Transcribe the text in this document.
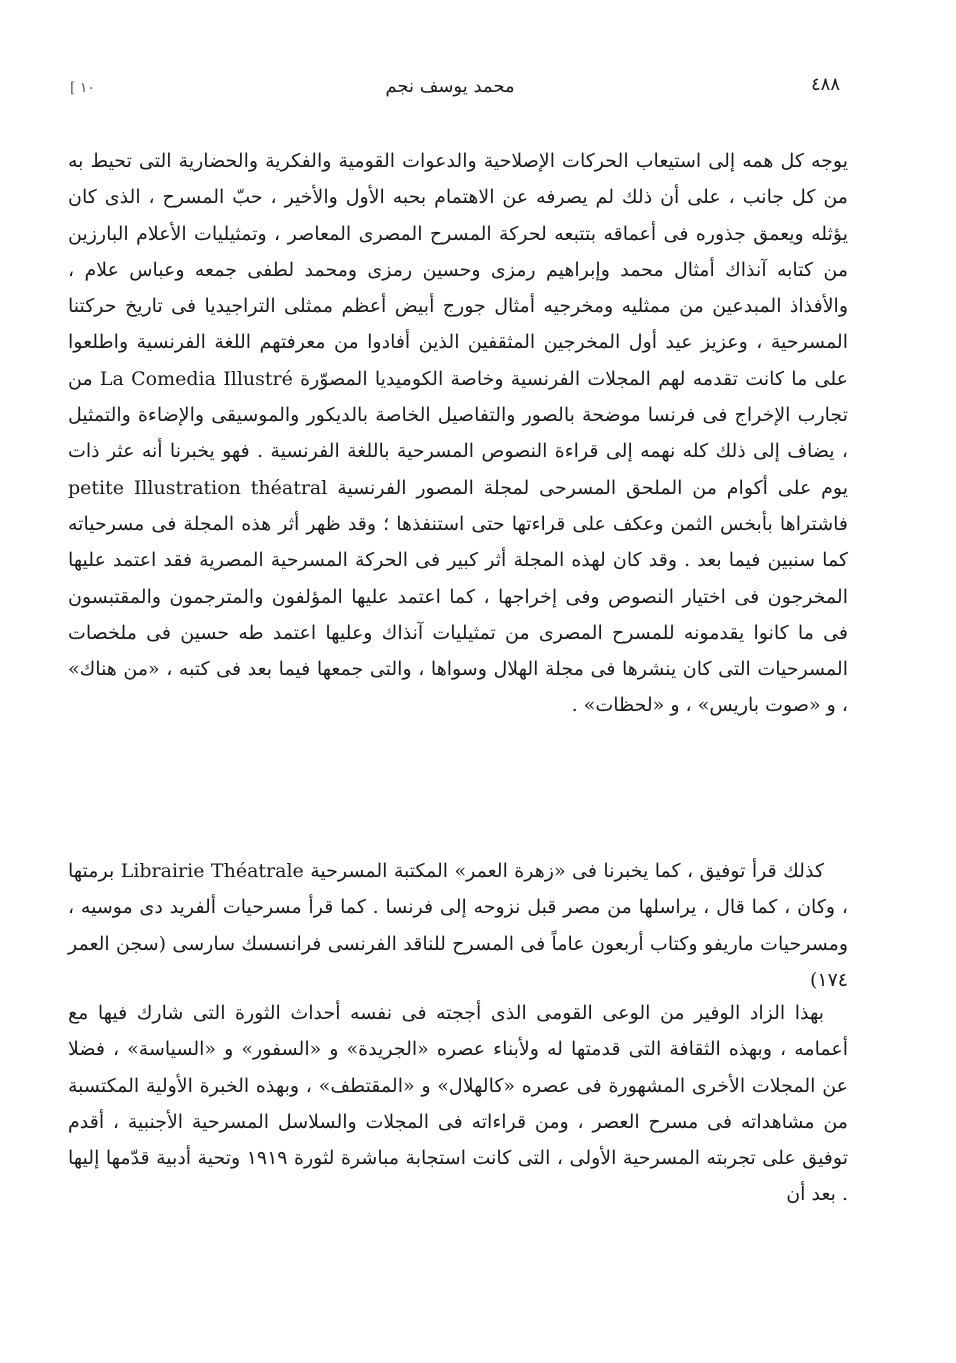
[ ١٠	محمد يوسف نجم	٤٨٨

يوجه كل همه إلى استيعاب الحركات الإصلاحية والدعوات القومية والفكرية والحضارية التى تحيط به من كل جانب ، على أن ذلك لم يصرفه عن الاهتمام بحبه الأول والأخير ، حبّ المسرح ، الذى كان يؤثله ويعمق جذوره فى أعماقه بتتبعه لحركة المسرح المصرى المعاصر ، وتمثيليات الأعلام البارزين من كتابه آنذاك أمثال محمد وإبراهيم رمزى وحسين رمزى ومحمد لطفى جمعه وعباس علام ، والأفذاذ المبدعين من ممثليه ومخرجيه أمثال جورج أبيض أعظم ممثلى التراجيديا فى تاريخ حركتنا المسرحية ، وعزيز عيد أول المخرجين المثقفين الذين أفادوا من معرفتهم اللغة الفرنسية واطلعوا على ما كانت تقدمه لهم المجلات الفرنسية وخاصة الكوميديا المصوّرة La Comedia Illustré من تجارب الإخراج فى فرنسا موضحة بالصور والتفاصيل الخاصة بالديكور والموسيقى والإضاءة والتمثيل ، يضاف إلى ذلك كله نهمه إلى قراءة النصوص المسرحية باللغة الفرنسية . فهو يخبرنا أنه عثر ذات يوم على أكوام من الملحق المسرحى لمجلة المصور الفرنسية petite Illustration théatral فاشتراها بأبخس الثمن وعكف على قراءتها حتى استنفذها ؛ وقد ظهر أثر هذه المجلة فى مسرحياته كما سنبين فيما بعد . وقد كان لهذه المجلة أثر كبير فى الحركة المسرحية المصرية فقد اعتمد عليها المخرجون فى اختيار النصوص وفى إخراجها ، كما اعتمد عليها المؤلفون والمترجمون والمقتبسون فى ما كانوا يقدمونه للمسرح المصرى من تمثيليات آنذاك وعليها اعتمد طه حسين فى ملخصات المسرحيات التى كان ينشرها فى مجلة الهلال وسواها ، والتى جمعها فيما بعد فى كتبه ، «من هناك» ، و «صوت باريس» ، و «لحظات» .

كذلك قرأ توفيق ، كما يخبرنا فى «زهرة العمر» المكتبة المسرحية Librairie Théatrale برمتها ، وكان ، كما قال ، يراسلها من مصر قبل نزوحه إلى فرنسا . كما قرأ مسرحيات ألفريد دى موسيه ، ومسرحيات ماريفو وكتاب أربعون عاماً فى المسرح للناقد الفرنسى فرانسسك سارسى (سجن العمر ١٧٤)

بهذا الزاد الوفير من الوعى القومى الذى أججته فى نفسه أحداث الثورة التى شارك فيها مع أعمامه ، وبهذه الثقافة التى قدمتها له ولأبناء عصره «الجريدة» و «السفور» و «السياسة» ، فضلا عن المجلات الأخرى المشهورة فى عصره «كالهلال» و «المقتطف» ، وبهذه الخبرة الأولية المكتسبة من مشاهداته فى مسرح العصر ، ومن قراءاته فى المجلات والسلاسل المسرحية الأجنبية ، أقدم توفيق على تجربته المسرحية الأولى ، التى كانت استجابة مباشرة لثورة ١٩١٩ وتحية أدبية قدّمها إليها . بعد أن
